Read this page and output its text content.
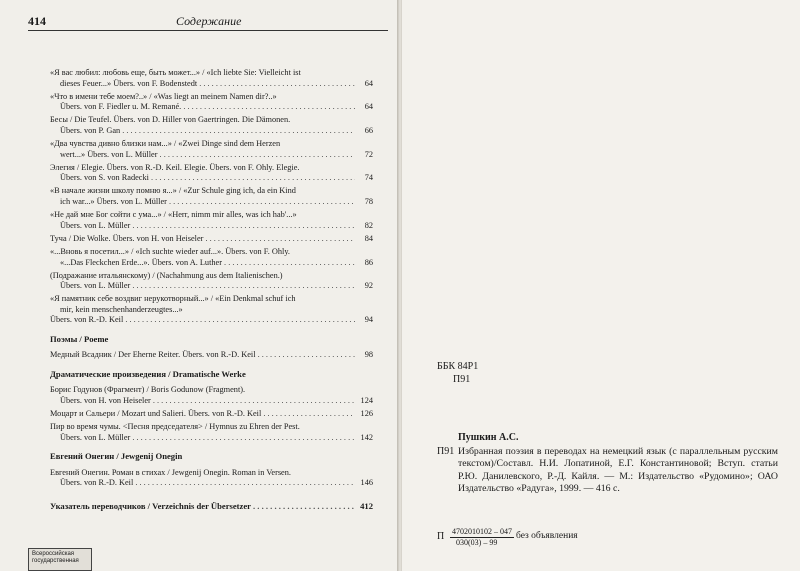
414	Содержание
«Я вас любил: любовь еще, быть может...» / «Ich liebte Sie: Vielleicht ist
dieses Feuer...» Übers. von F. Bodenstedt . . .	64
«Что в имени тебе моем?..» / «Was liegt an meinem Namen dir?..»
Übers. von F. Fiedler u. M. Remané. . . .	64
Бесы / Die Teufel. Übers. von D. Hiller von Gaertringen. Die Dämonen.
Übers. von P. Gan . . .	66
«Два чувства дивно близки нам...» / «Zwei Dinge sind dem Herzen
wert...» Übers. von L. Müller . . .	72
Элегия / Elegie. Übers. von R.-D. Keil. Elegie. Übers. von F. Ohly. Elegie.
Übers. von S. von Radecki . . .	74
«В начале жизни школу помню я...» / «Zur Schule ging ich, da ein Kind
ich war...» Übers. von L. Müller . . .	78
«Не дай мне Бог сойти с ума...» / «Herr, nimm mir alles, was ich hab'...»
Übers. von L. Müller . . .	82
Туча / Die Wolke. Übers. von H. von Heiseler . . .	84
«...Вновь я посетил...» / «Ich suchte wieder auf...». Übers. von F. Ohly.
«...Das Fleckchen Erde...». Übers. von A. Luther . . .	86
(Подражание итальянскому) / (Nachahmung aus dem Italienischen.)
Übers. von L. Müller . . .	92
«Я памятник себе воздвиг нерукотворный...» / «Ein Denkmal schuf ich
mir, kein menschenhanderzeugtes...»
Übers. von R.-D. Keil . . .	94
Поэмы / Poeme
Медный Всадник / Der Eherne Reiter. Übers. von R.-D. Keil . . .	98
Драматические произведения / Dramatische Werke
Борис Годунов (Фрагмент) / Boris Godunow (Fragment).
Übers. von H. von Heiseler . . .	124
Моцарт и Сальери / Mozart und Salieri. Übers. von R.-D. Keil . . .	126
Пир во время чумы. <Песня председателя> / Hymnus zu Ehren der Pest.
Übers. von L. Müller . . .	142
Евгений Онегин / Jewgenij Onegin
Евгений Онегин. Роман в стихах / Jewgenij Onegin. Roman in Versen.
Übers. von R.-D. Keil . . .	146
Указатель переводчиков / Verzeichnis der Übersetzer . . .	412
Всероссийская государственная
ББК 84Р1
П91
Пушкин А.С.
П91 Избранная поэзия в переводах на немецкий язык (с параллельным русским текстом)/Составл. Н.И. Лопатиной, Е.Г. Константиновой; Вступ. статьи Р.Ю. Данилевского, Р.-Д. Кайля. — М.: Издательство «Рудомино»; ОАО Издательство «Радуга», 1999. — 416 с.
П $\frac{4702010102 - 047}{030(03) - 99}$ без объявления
